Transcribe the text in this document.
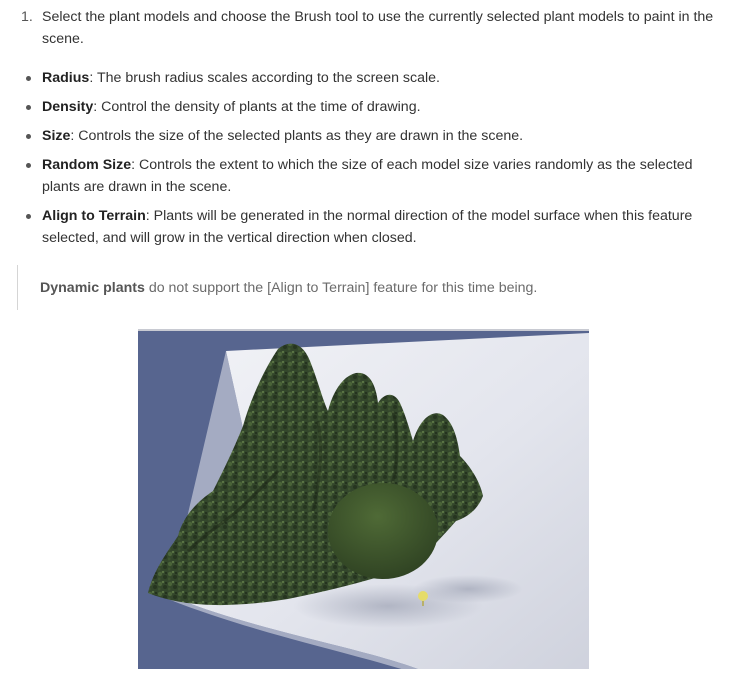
1. Select the plant models and choose the Brush tool to use the currently selected plant models to paint in the scene.
Radius: The brush radius scales according to the screen scale.
Density: Control the density of plants at the time of drawing.
Size: Controls the size of the selected plants as they are drawn in the scene.
Random Size: Controls the extent to which the size of each model size varies randomly as the selected plants are drawn in the scene.
Align to Terrain: Plants will be generated in the normal direction of the model surface when this feature selected, and will grow in the vertical direction when closed.
Dynamic plants do not support the [Align to Terrain] feature for this time being.
